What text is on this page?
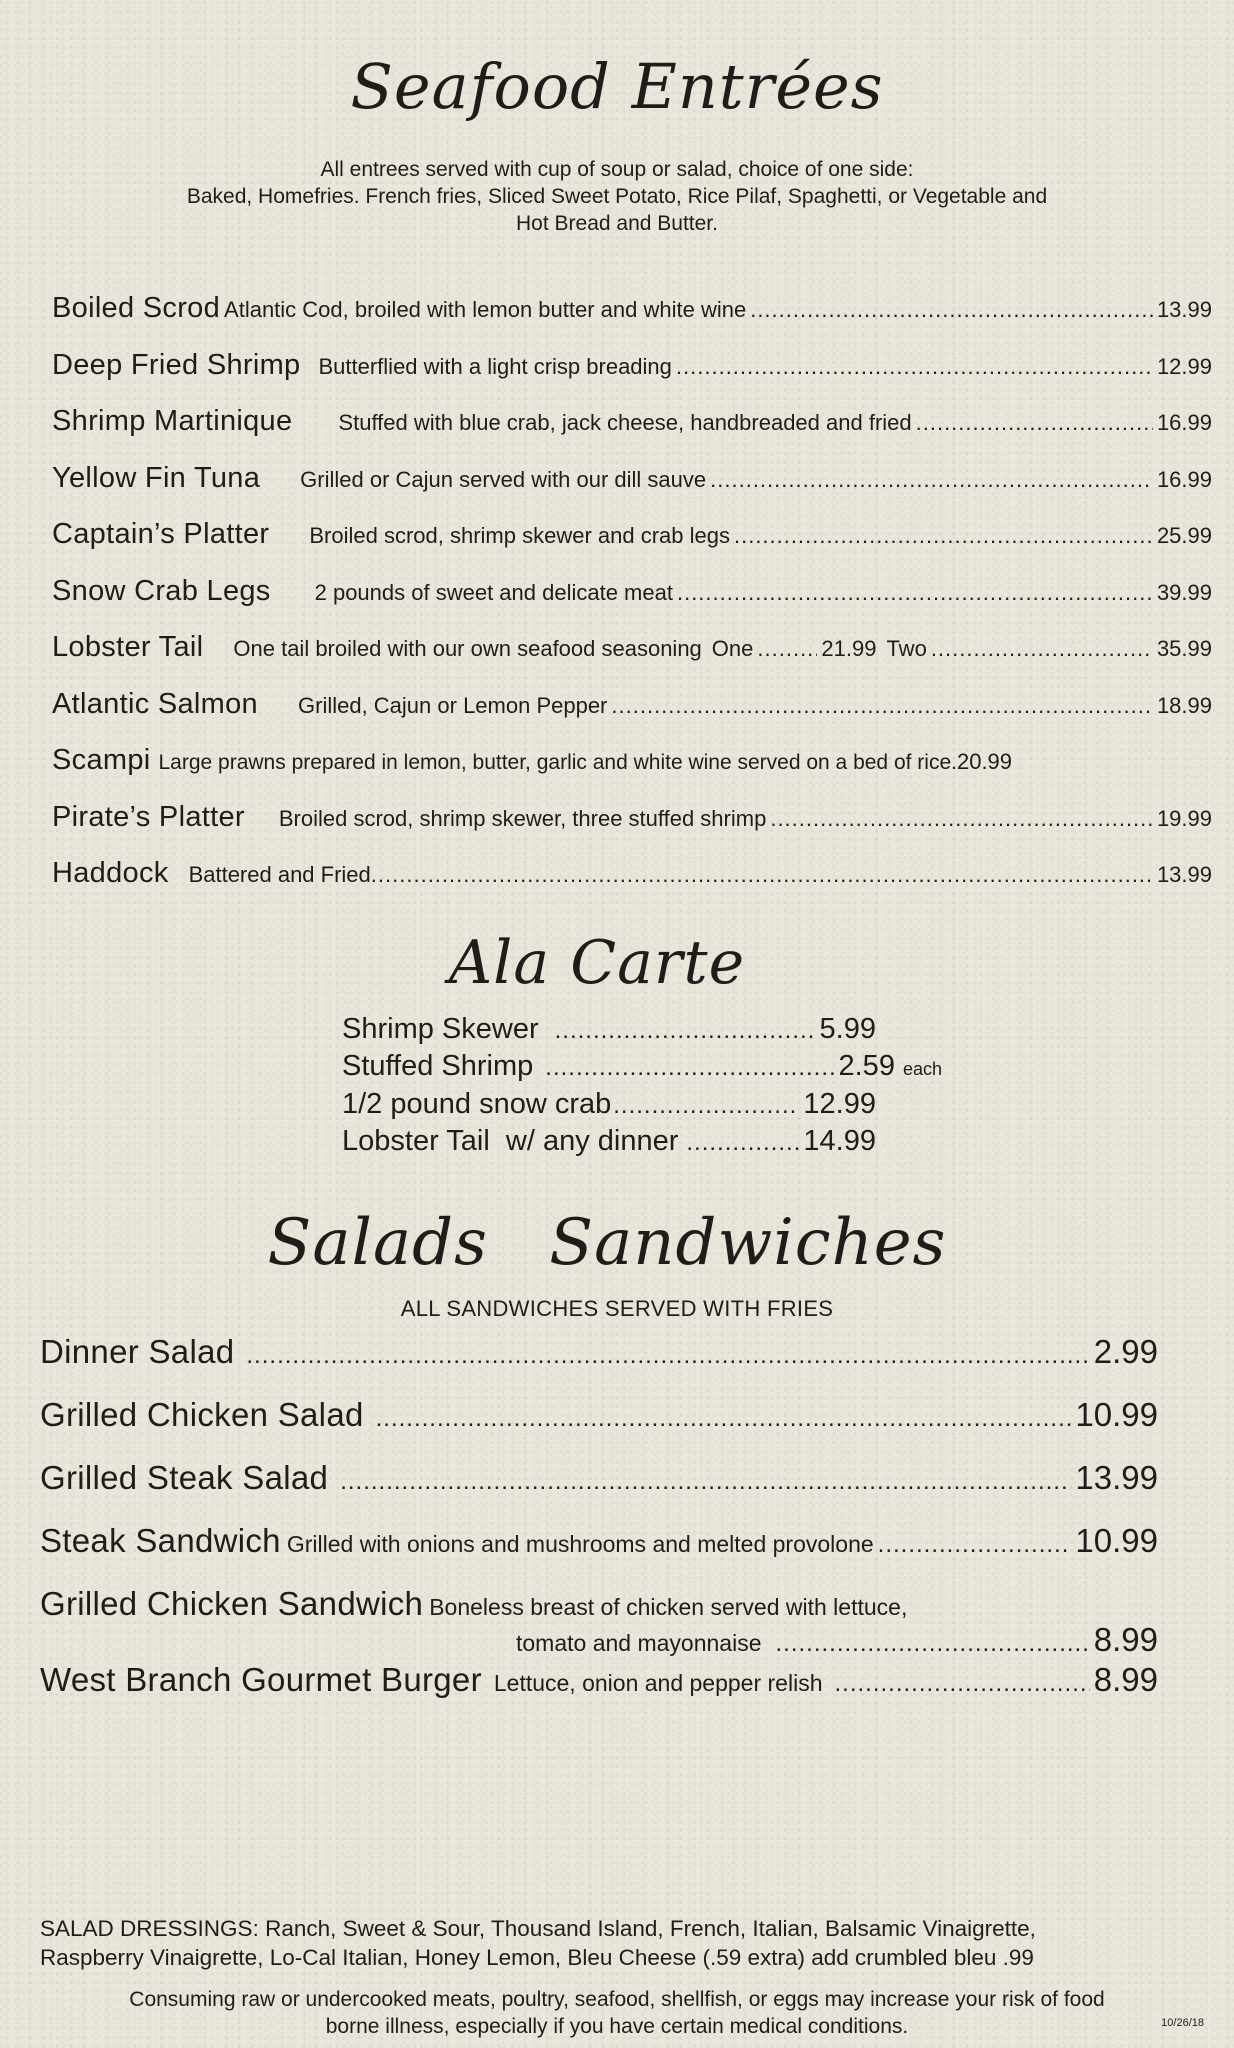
Seafood Entrées
All entrees served with cup of soup or salad, choice of one side:
Baked, Homefries. French fries, Sliced Sweet Potato, Rice Pilaf, Spaghetti, or Vegetable and
Hot Bread and Butter.
Boiled Scrod Atlantic Cod, broiled with lemon butter and white wine .....	13.99
Deep Fried Shrimp Butterflied with a light crisp breading .....	12.99
Shrimp Martinique Stuffed with blue crab, jack cheese, handbreaded and fried .....	16.99
Yellow Fin Tuna Grilled or Cajun served with our dill sauve .....	16.99
Captain’s Platter Broiled scrod, shrimp skewer and crab legs .....	25.99
Snow Crab Legs 2 pounds of sweet and delicate meat .....	39.99
Lobster Tail One tail broiled with our own seafood seasoning One .....	21.99 Two .....	35.99
Atlantic Salmon Grilled, Cajun or Lemon Pepper .....	18.99
Scampi Large prawns prepared in lemon, butter, garlic and white wine served on a bed of rice. 20.99
Pirate’s Platter Broiled scrod, shrimp skewer, three stuffed shrimp .....	19.99
Haddock Battered and Fried .....	13.99
Ala Carte
Shrimp Skewer .....	5.99
Stuffed Shrimp .....	2.59 each
1/2 pound snow crab .....	12.99
Lobster Tail  w/ any dinner .....	14.99
Salads Sandwiches
ALL SANDWICHES SERVED WITH FRIES
Dinner Salad .....	2.99
Grilled Chicken Salad .....	10.99
Grilled Steak Salad .....	13.99
Steak Sandwich Grilled with onions and mushrooms and melted provolone .....	10.99
Grilled Chicken Sandwich Boneless breast of chicken served with lettuce,
tomato and mayonnaise .....	8.99
West Branch Gourmet Burger Lettuce, onion and pepper relish .....	8.99
SALAD DRESSINGS: Ranch, Sweet & Sour, Thousand Island, French, Italian, Balsamic Vinaigrette,
Raspberry Vinaigrette, Lo-Cal Italian, Honey Lemon, Bleu Cheese (.59 extra) add crumbled bleu .99
Consuming raw or undercooked meats, poultry, seafood, shellfish, or eggs may increase your risk of food
borne illness, especially if you have certain medical conditions.	10/26/18
